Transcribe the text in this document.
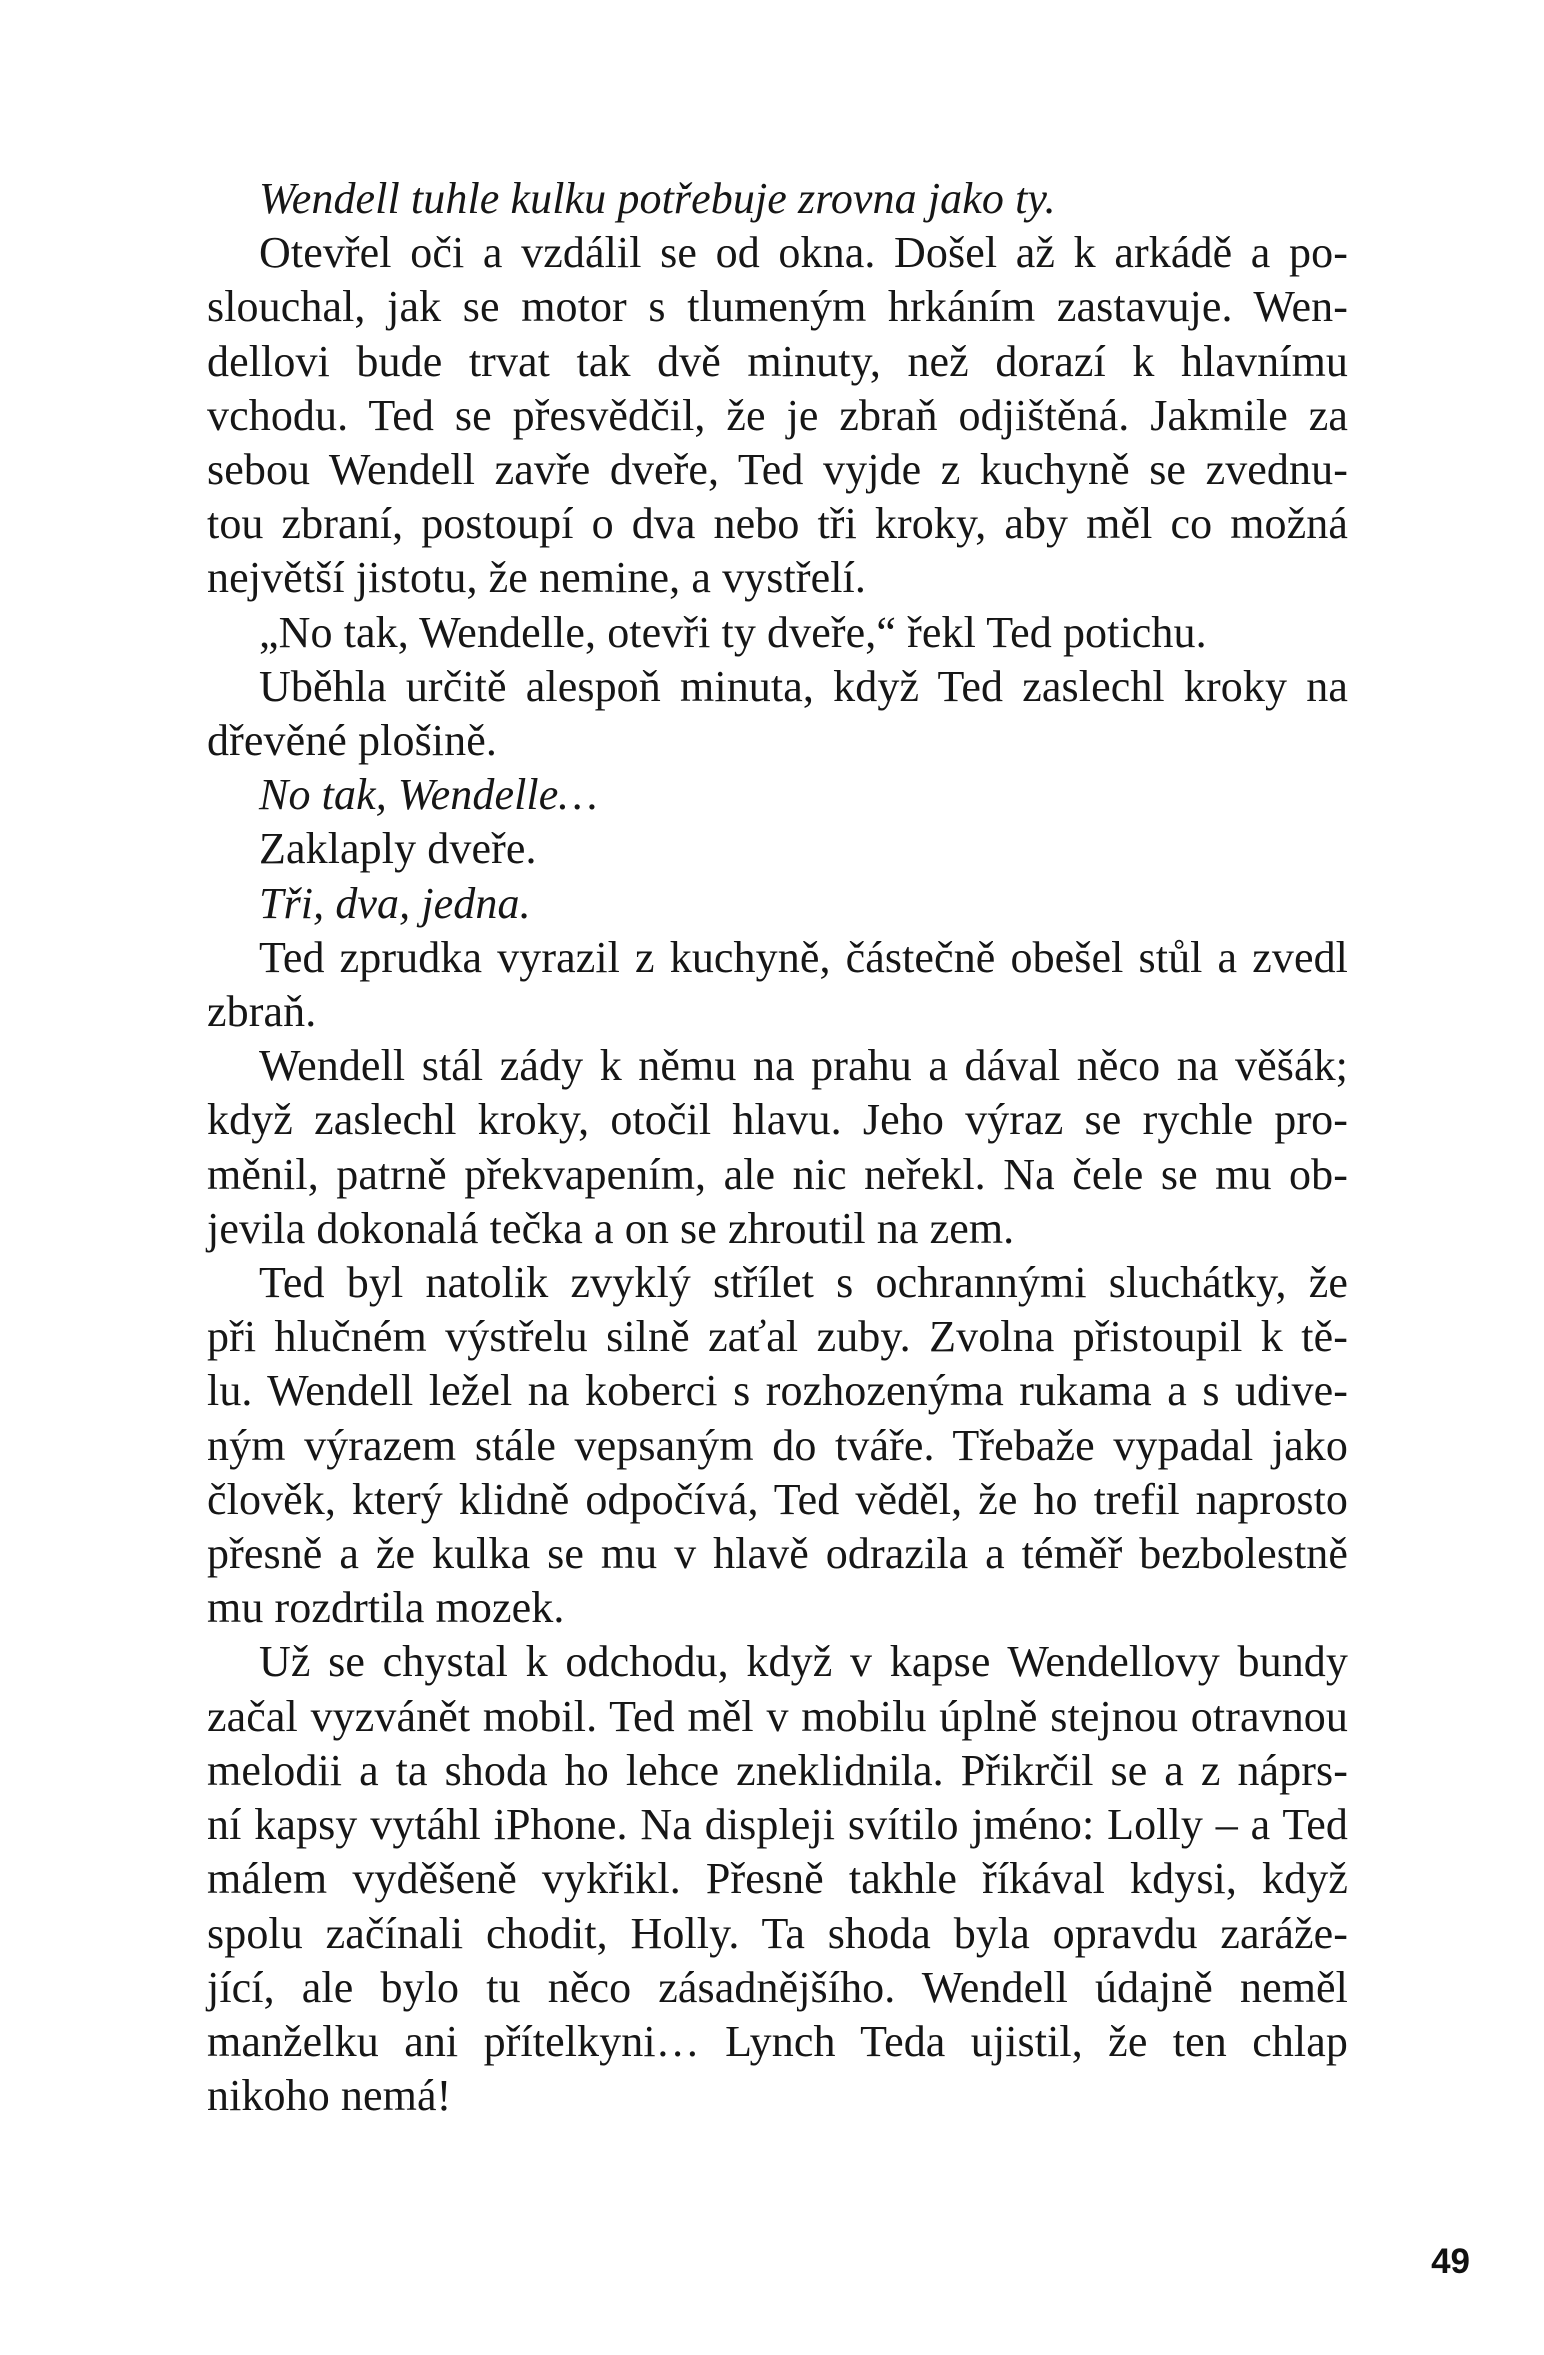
Wendell tuhle kulku potřebuje zrovna jako ty.

Otevřel oči a vzdálil se od okna. Došel až k arkádě a po-
slouchal, jak se motor s tlumeným hrkáním zastavuje. Wen-
dellovi bude trvat tak dvě minuty, než dorazí k hlavnímu
vchodu. Ted se přesvědčil, že je zbraň odjištěná. Jakmile za
sebou Wendell zavře dveře, Ted vyjde z kuchyně se zvednu-
tou zbraní, postoupí o dva nebo tři kroky, aby měl co možná
největší jistotu, že nemine, a vystřelí.

„No tak, Wendelle, otevři ty dveře,“ řekl Ted potichu.

Uběhla určitě alespoň minuta, když Ted zaslechl kroky na
dřevěné plošině.

No tak, Wendelle…

Zaklaply dveře.

Tři, dva, jedna.

Ted zprudka vyrazil z kuchyně, částečně obešel stůl a zvedl
zbraň.

Wendell stál zády k němu na prahu a dával něco na věšák;
když zaslechl kroky, otočil hlavu. Jeho výraz se rychle pro-
měnil, patrně překvapením, ale nic neřekl. Na čele se mu ob-
jevila dokonalá tečka a on se zhroutil na zem.

Ted byl natolik zvyklý střílet s ochrannými sluchátky, že
při hlučném výstřelu silně zaťal zuby. Zvolna přistoupil k tě-
lu. Wendell ležel na koberci s rozhozenýma rukama a s udive-
ným výrazem stále vepsaným do tváře. Třebaže vypadal jako
člověk, který klidně odpočívá, Ted věděl, že ho trefil naprosto
přesně a že kulka se mu v hlavě odrazila a téměř bezbolestně
mu rozdrtila mozek.

Už se chystal k odchodu, když v kapse Wendellovy bundy
začal vyzvánět mobil. Ted měl v mobilu úplně stejnou otravnou
melodii a ta shoda ho lehce zneklidnila. Přikrčil se a z náprs-
ní kapsy vytáhl iPhone. Na displeji svítilo jméno: Lolly – a Ted
málem vyděšeně vykřikl. Přesně takhle říkával kdysi, když
spolu začínali chodit, Holly. Ta shoda byla opravdu zaráže-
jící, ale bylo tu něco zásadnějšího. Wendell údajně neměl
manželku ani přítelkyni… Lynch Teda ujistil, že ten chlap
nikoho nemá!

49
